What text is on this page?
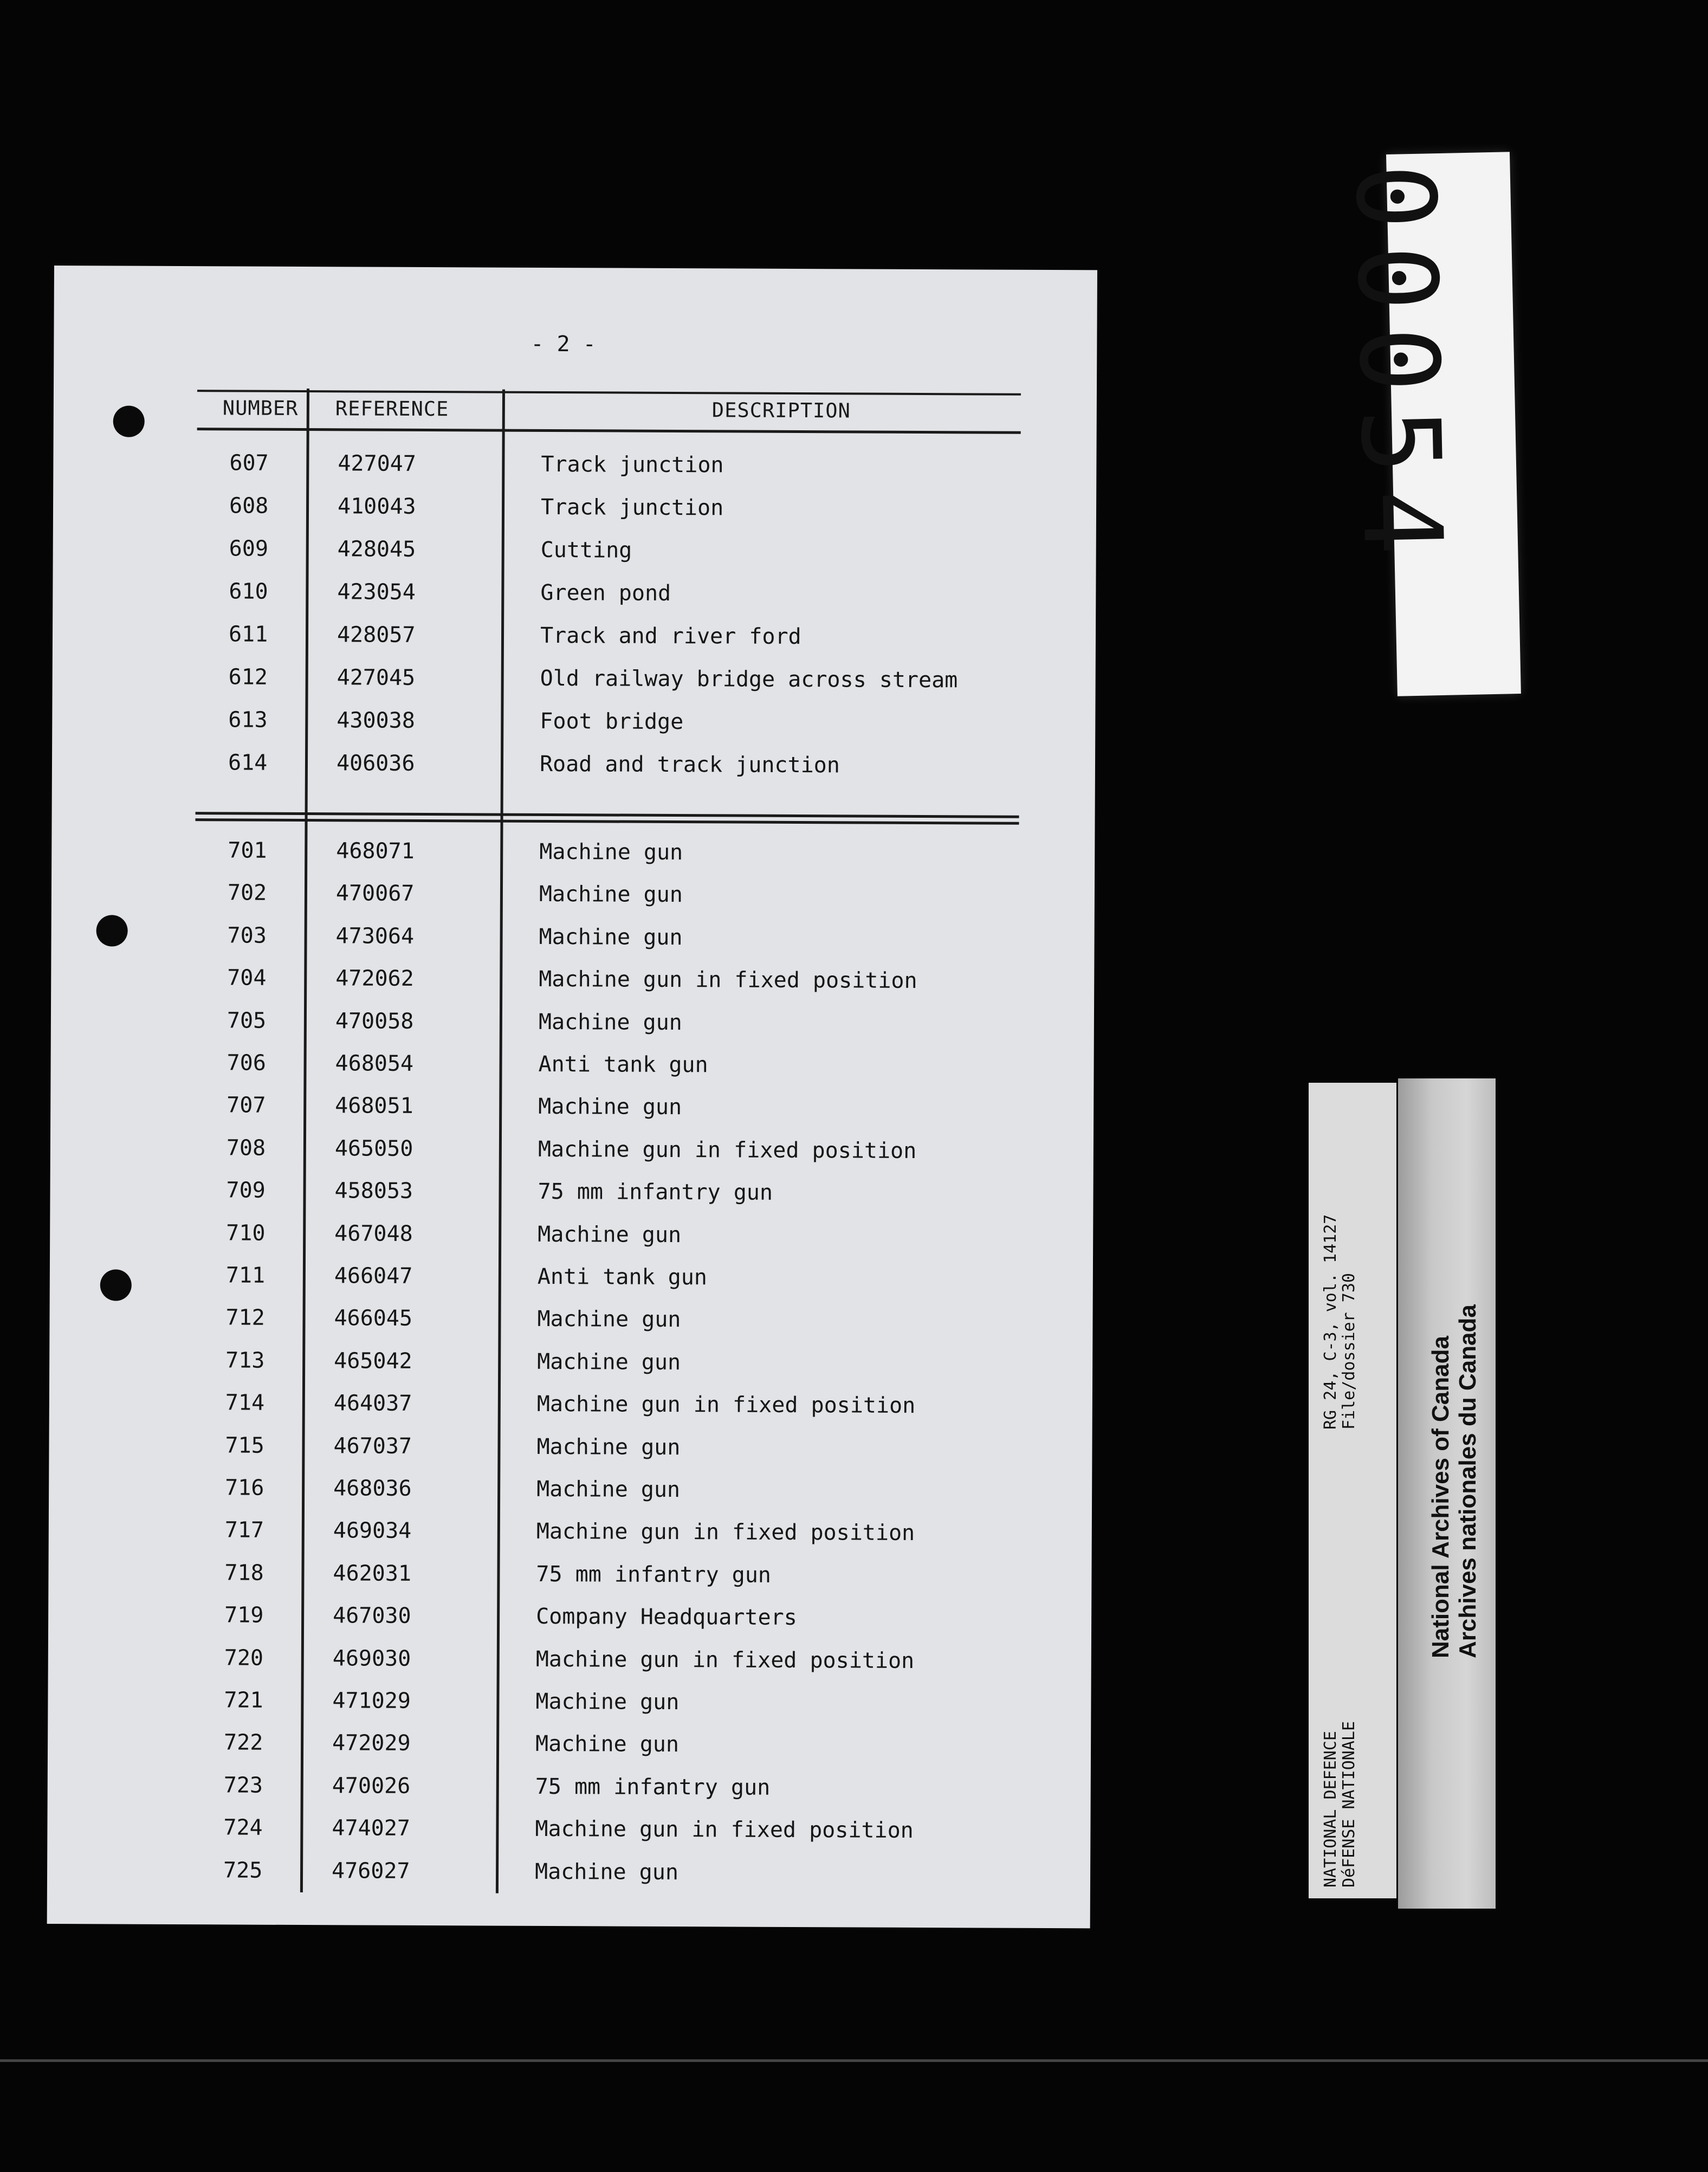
- 2 -
NUMBER REFERENCE	DESCRIPTION
607	427047	Track junction
608	410043	Track junction
609	428045	Cutting
610	423054	Green pond
611	428057	Track and river ford
612	427045	Old railway bridge across stream
613	430038	Foot bridge
614	406036	Road and track junction
701	468071	Machine gun
702	470067	Machine gun
703	473064	Machine gun
704	472062	Machine gun in fixed position
705	470058	Machine gun
706	468054	Anti tank gun
707	468051	Machine gun
708	465050	Machine gun in fixed position
709	458053	75 mm infantry gun
710	467048	Machine gun
711	466047	Anti tank gun
712	466045	Machine gun
713	465042	Machine gun
714	464037	Machine gun in fixed position
715	467037	Machine gun
716	468036	Machine gun
717	469034	Machine gun in fixed position
718	462031	75 mm infantry gun
719	467030	Company Headquarters
720	469030	Machine gun in fixed position
721	471029	Machine gun
722	472029	Machine gun
723	470026	75 mm infantry gun
724	474027	Machine gun in fixed position
725	476027	Machine gun
00054
RG 24, C-3, vol. 14127 File/dossier 730
NATIONAL DEFENCE DéFENSE NATIONALE
National Archives of Canada Archives nationales du Canada
